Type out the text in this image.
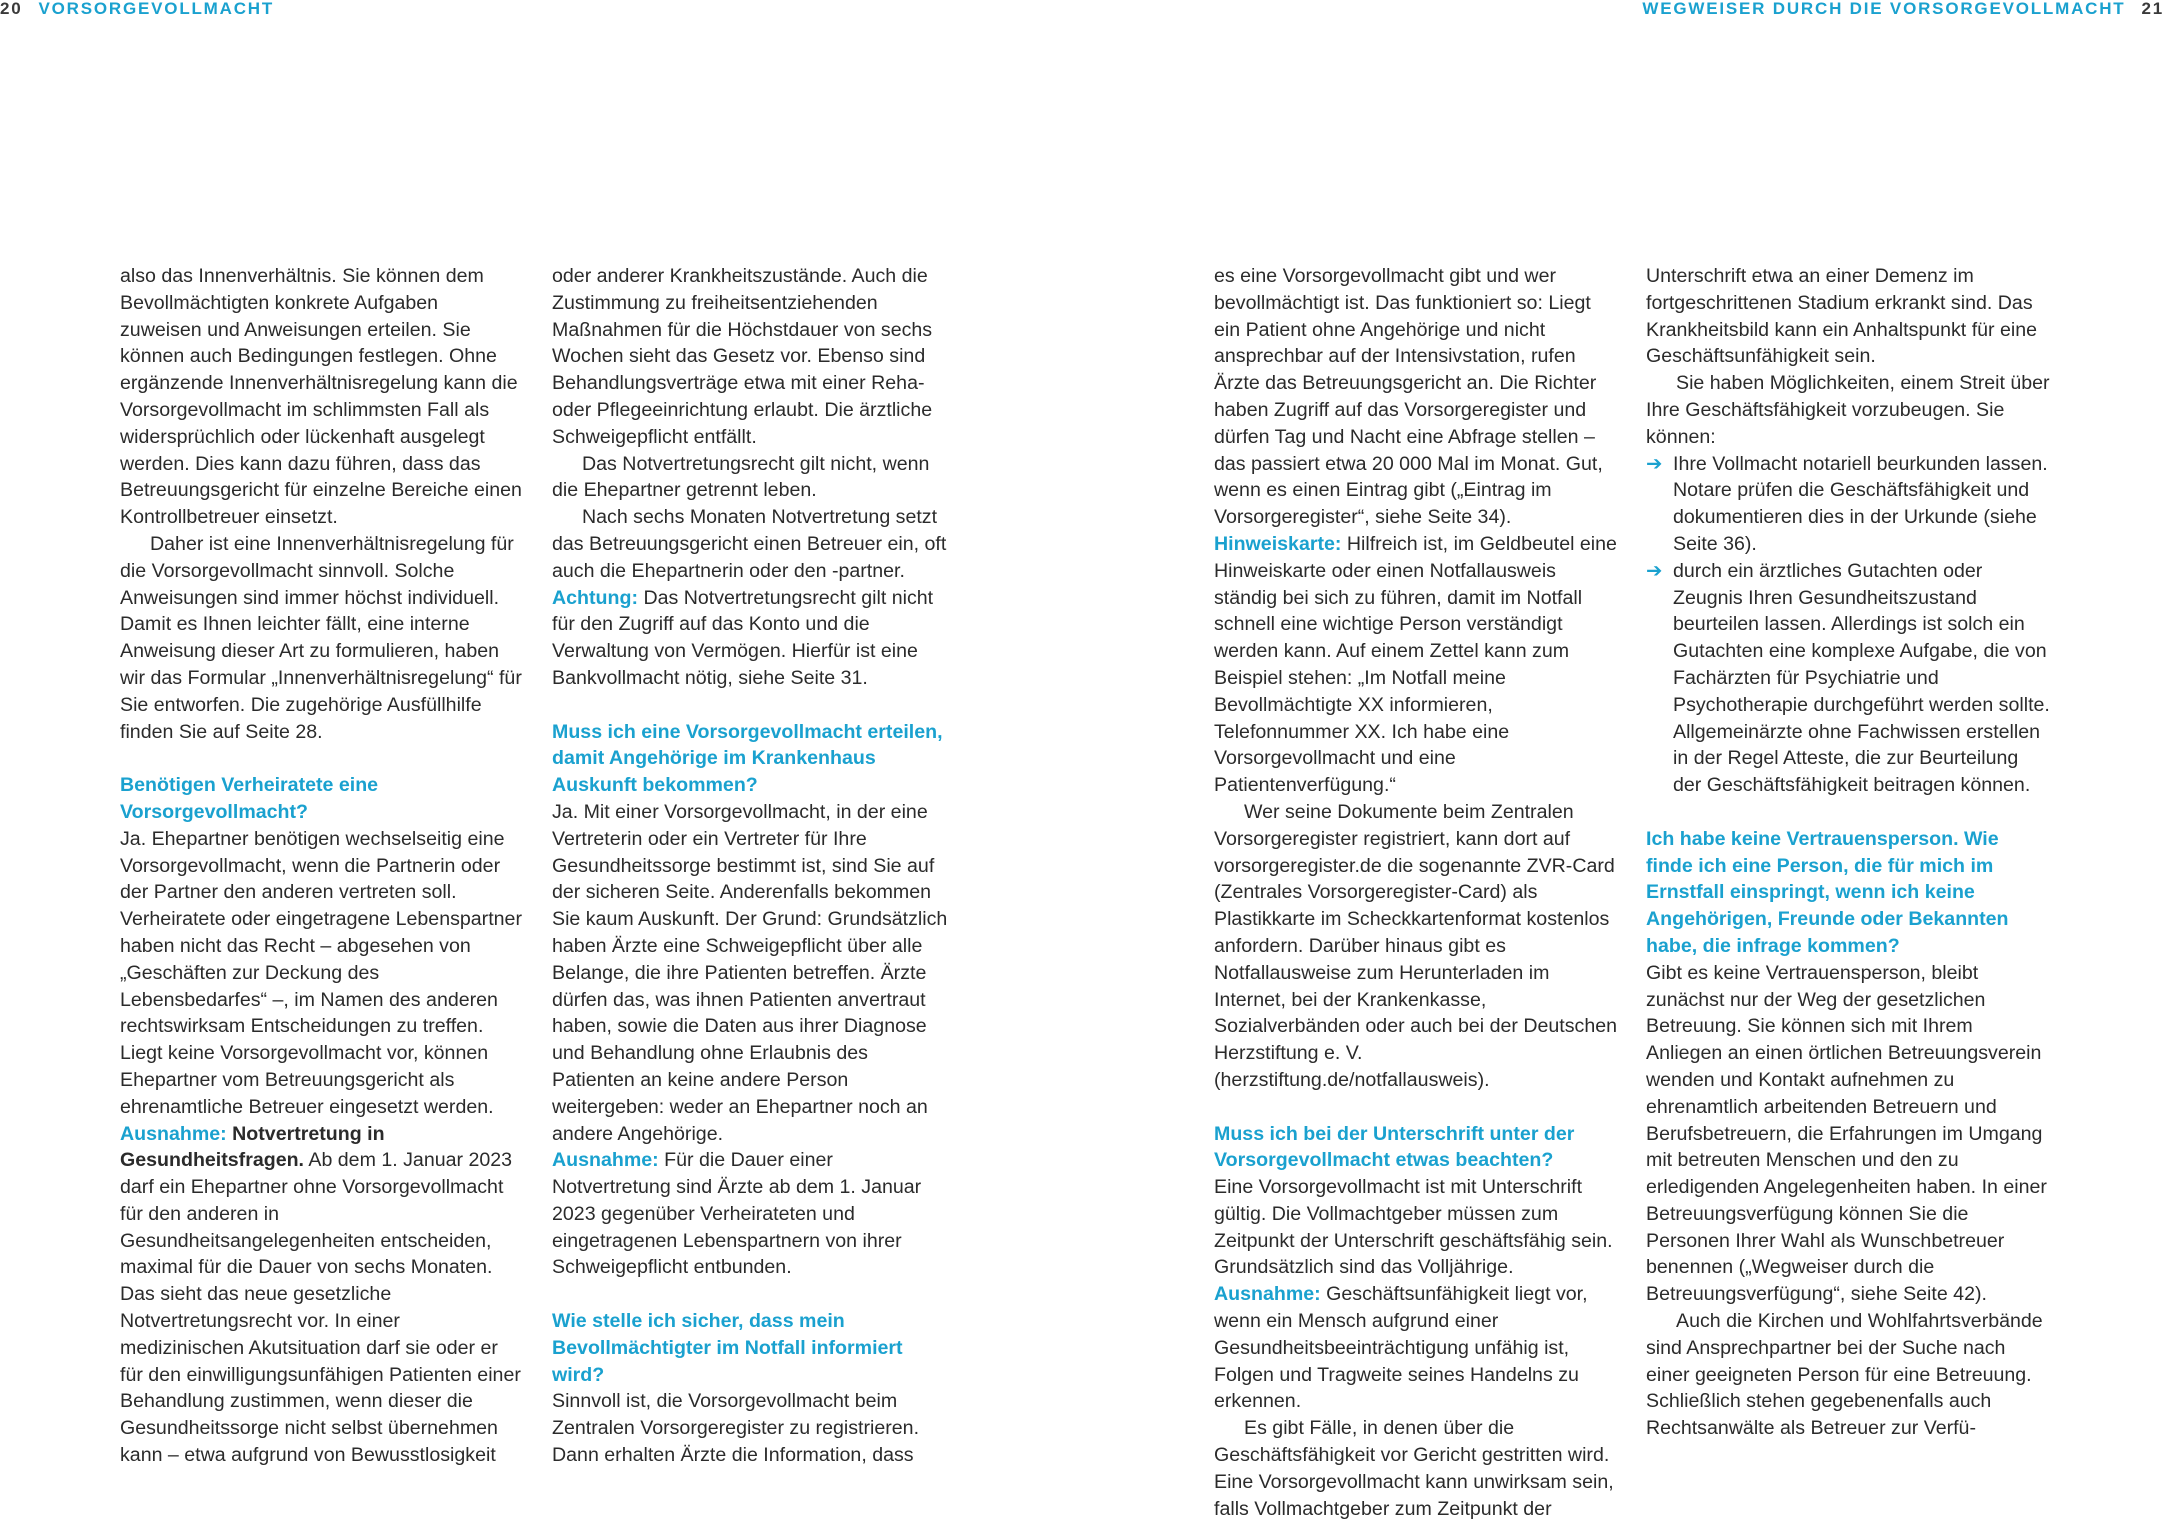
20 VORSORGEVOLLMACHT	WEGWEISER DURCH DIE VORSORGEVOLLMACHT 21

also das Innenverhältnis. Sie können dem Bevollmächtigten konkrete Aufgaben zuweisen und Anweisungen erteilen. Sie können auch Bedingungen festlegen. Ohne ergänzende Innenverhältnisregelung kann die Vorsorgevollmacht im schlimmsten Fall als widersprüchlich oder lückenhaft ausgelegt werden. Dies kann dazu führen, dass das Betreuungsgericht für einzelne Bereiche einen Kontrollbetreuer einsetzt.

Daher ist eine Innenverhältnisregelung für die Vorsorgevollmacht sinnvoll. Solche Anweisungen sind immer höchst individuell. Damit es Ihnen leichter fällt, eine interne Anweisung dieser Art zu formulieren, haben wir das Formular „Innenverhältnisregelung“ für Sie entworfen. Die zugehörige Ausfüllhilfe finden Sie auf Seite 28.

Benötigen Verheiratete eine Vorsorgevollmacht?

Ja. Ehepartner benötigen wechselseitig eine Vorsorgevollmacht, wenn die Partnerin oder der Partner den anderen vertreten soll. Verheiratete oder eingetragene Lebenspartner haben nicht das Recht – abgesehen von „Geschäften zur Deckung des Lebensbedarfes“ –, im Namen des anderen rechtswirksam Entscheidungen zu treffen. Liegt keine Vorsorgevollmacht vor, können Ehepartner vom Betreuungsgericht als ehrenamtliche Betreuer eingesetzt werden.

Ausnahme: Notvertretung in Gesundheitsfragen. Ab dem 1. Januar 2023 darf ein Ehepartner ohne Vorsorgevollmacht für den anderen in Gesundheitsangelegenheiten entscheiden, maximal für die Dauer von sechs Monaten. Das sieht das neue gesetzliche Notvertretungsrecht vor. In einer medizinischen Akutsituation darf sie oder er für den einwilligungsunfähigen Patienten einer Behandlung zustimmen, wenn dieser die Gesundheitssorge nicht selbst übernehmen kann – etwa aufgrund von Bewusstlosigkeit

oder anderer Krankheitszustände. Auch die Zustimmung zu freiheitsentziehenden Maßnahmen für die Höchstdauer von sechs Wochen sieht das Gesetz vor. Ebenso sind Behandlungsverträge etwa mit einer Reha- oder Pflegeeinrichtung erlaubt. Die ärztliche Schweigepflicht entfällt.

Das Notvertretungsrecht gilt nicht, wenn die Ehepartner getrennt leben.

Nach sechs Monaten Notvertretung setzt das Betreuungsgericht einen Betreuer ein, oft auch die Ehepartnerin oder den -partner.

Achtung: Das Notvertretungsrecht gilt nicht für den Zugriff auf das Konto und die Verwaltung von Vermögen. Hierfür ist eine Bankvollmacht nötig, siehe Seite 31.

Muss ich eine Vorsorgevollmacht erteilen, damit Angehörige im Krankenhaus Auskunft bekommen?

Ja. Mit einer Vorsorgevollmacht, in der eine Vertreterin oder ein Vertreter für Ihre Gesundheitssorge bestimmt ist, sind Sie auf der sicheren Seite. Anderenfalls bekommen Sie kaum Auskunft. Der Grund: Grundsätzlich haben Ärzte eine Schweigepflicht über alle Belange, die ihre Patienten betreffen. Ärzte dürfen das, was ihnen Patienten anvertraut haben, sowie die Daten aus ihrer Diagnose und Behandlung ohne Erlaubnis des Patienten an keine andere Person weitergeben: weder an Ehepartner noch an andere Angehörige.

Ausnahme: Für die Dauer einer Notvertretung sind Ärzte ab dem 1. Januar 2023 gegenüber Verheirateten und eingetragenen Lebenspartnern von ihrer Schweigepflicht entbunden.

Wie stelle ich sicher, dass mein Bevollmächtigter im Notfall informiert wird?

Sinnvoll ist, die Vorsorgevollmacht beim Zentralen Vorsorgeregister zu registrieren. Dann erhalten Ärzte die Information, dass

es eine Vorsorgevollmacht gibt und wer bevollmächtigt ist. Das funktioniert so: Liegt ein Patient ohne Angehörige und nicht ansprechbar auf der Intensivstation, rufen Ärzte das Betreuungsgericht an. Die Richter haben Zugriff auf das Vorsorgeregister und dürfen Tag und Nacht eine Abfrage stellen – das passiert etwa 20 000 Mal im Monat. Gut, wenn es einen Eintrag gibt („Eintrag im Vorsorgeregister“, siehe Seite 34).

Hinweiskarte: Hilfreich ist, im Geldbeutel eine Hinweiskarte oder einen Notfallausweis ständig bei sich zu führen, damit im Notfall schnell eine wichtige Person verständigt werden kann. Auf einem Zettel kann zum Beispiel stehen: „Im Notfall meine Bevollmächtigte XX informieren, Telefonnummer XX. Ich habe eine Vorsorgevollmacht und eine Patientenverfügung.“

Wer seine Dokumente beim Zentralen Vorsorgeregister registriert, kann dort auf vorsorgeregister.de die sogenannte ZVR-Card (Zentrales Vorsorgeregister-Card) als Plastikkarte im Scheckkartenformat kostenlos anfordern. Darüber hinaus gibt es Notfallausweise zum Herunterladen im Internet, bei der Krankenkasse, Sozialverbänden oder auch bei der Deutschen Herzstiftung e. V. (herzstiftung.de/notfallausweis).

Muss ich bei der Unterschrift unter der Vorsorgevollmacht etwas beachten?

Eine Vorsorgevollmacht ist mit Unterschrift gültig. Die Vollmachtgeber müssen zum Zeitpunkt der Unterschrift geschäftsfähig sein. Grundsätzlich sind das Volljährige.

Ausnahme: Geschäftsunfähigkeit liegt vor, wenn ein Mensch aufgrund einer Gesundheitsbeeinträchtigung unfähig ist, Folgen und Tragweite seines Handelns zu erkennen.

Es gibt Fälle, in denen über die Geschäftsfähigkeit vor Gericht gestritten wird. Eine Vorsorgevollmacht kann unwirksam sein, falls Vollmachtgeber zum Zeitpunkt der

Unterschrift etwa an einer Demenz im fortgeschrittenen Stadium erkrankt sind. Das Krankheitsbild kann ein Anhaltspunkt für eine Geschäftsunfähigkeit sein.

Sie haben Möglichkeiten, einem Streit über Ihre Geschäftsfähigkeit vorzubeugen. Sie können:

➔ Ihre Vollmacht notariell beurkunden lassen. Notare prüfen die Geschäftsfähigkeit und dokumentieren dies in der Urkunde (siehe Seite 36).

➔ durch ein ärztliches Gutachten oder Zeugnis Ihren Gesundheitszustand beurteilen lassen. Allerdings ist solch ein Gutachten eine komplexe Aufgabe, die von Fachärzten für Psychiatrie und Psychotherapie durchgeführt werden sollte. Allgemeinärzte ohne Fachwissen erstellen in der Regel Atteste, die zur Beurteilung der Geschäftsfähigkeit beitragen können.

Ich habe keine Vertrauensperson. Wie finde ich eine Person, die für mich im Ernstfall einspringt, wenn ich keine Angehörigen, Freunde oder Bekannten habe, die infrage kommen?

Gibt es keine Vertrauensperson, bleibt zunächst nur der Weg der gesetzlichen Betreuung. Sie können sich mit Ihrem Anliegen an einen örtlichen Betreuungsverein wenden und Kontakt aufnehmen zu ehrenamtlich arbeitenden Betreuern und Berufsbetreuern, die Erfahrungen im Umgang mit betreuten Menschen und den zu erledigenden Angelegenheiten haben. In einer Betreuungsverfügung können Sie die Personen Ihrer Wahl als Wunschbetreuer benennen („Wegweiser durch die Betreuungsverfügung“, siehe Seite 42).

Auch die Kirchen und Wohlfahrtsverbände sind Ansprechpartner bei der Suche nach einer geeigneten Person für eine Betreuung. Schließlich stehen gegebenenfalls auch Rechtsanwälte als Betreuer zur Verfü-
